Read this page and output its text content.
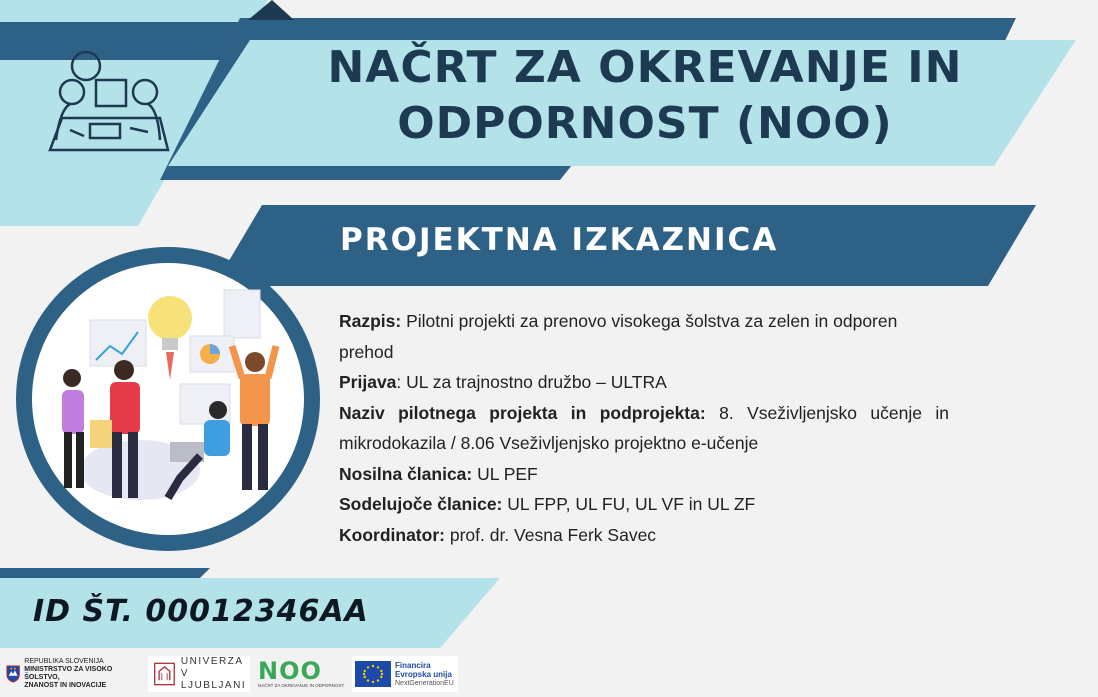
NAČRT ZA OKREVANJE IN
ODPORNOST (NOO)
PROJEKTNA IZKAZNICA
Razpis: Pilotni projekti za prenovo visokega šolstva za zelen in odporen prehod
Prijava: UL za trajnostno družbo – ULTRA
Naziv pilotnega projekta in podprojekta: 8. Vseživljenjsko učenje in mikrodokazila / 8.06 Vseživljenjsko projektno e-učenje
Nosilna članica: UL PEF
Sodelujoče članice: UL FPP, UL FU, UL VF in UL ZF
Koordinator: prof. dr. Vesna Ferk Savec
ID ŠT. 00012346AA
REPUBLIKA SLOVENIJA
MINISTRSTVO ZA VISOKO ŠOLSTVO,
ZNANOST IN INOVACIJE
UNIVERZA
V LJUBLJANI
NOO
NAČRT ZA OKREVANJE IN ODPORNOST
Financira
Evropska unija
NextGenerationEU
